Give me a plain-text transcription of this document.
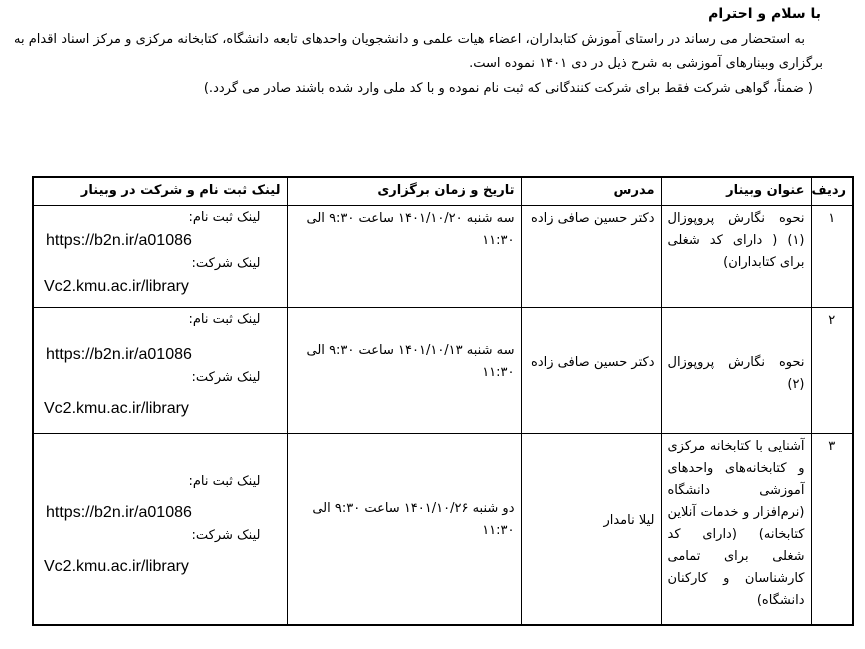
با سلام و احترام

به استحضار می رساند در راستای آموزش کتابداران، اعضاء هیات علمی و دانشجویان واحدهای تابعه دانشگاه، کتابخانه مرکزی و مرکز اسناد اقدام به برگزاری وبینارهای آموزشی به شرح ذیل در دی ۱۴۰۱ نموده است.

( ضمناً، گواهی شرکت فقط برای شرکت کنندگانی که ثبت نام نموده و با کد ملی وارد شده باشند صادر می گردد.)

ردیف	عنوان وبینار	مدرس	تاریخ و زمان برگزاری	لینک ثبت نام و شرکت در وبینار
۱	نحوه نگارش پروپوزال (۱) ( دارای کد شغلی برای کتابداران)	دکتر حسین صافی زاده	سه شنبه ۱۴۰۱/۱۰/۲۰ ساعت ۹:۳۰ الی ۱۱:۳۰	لینک ثبت نام:
https://b2n.ir/a01086
لینک شرکت:
Vc2.kmu.ac.ir/library

۲	نحوه نگارش پروپوزال (۲)	دکتر حسین صافی زاده	سه شنبه ۱۴۰۱/۱۰/۱۳ ساعت ۹:۳۰ الی ۱۱:۳۰	لینک ثبت نام:
https://b2n.ir/a01086
لینک شرکت:
Vc2.kmu.ac.ir/library

۳	آشنایی با کتابخانه مرکزی و کتابخانه‌های واحدهای آموزشی دانشگاه (نرم‌افزار و خدمات آنلاین کتابخانه) (دارای کد شغلی برای تمامی کارشناسان و کارکنان دانشگاه)	لیلا نامدار	دو شنبه ۱۴۰۱/۱۰/۲۶ ساعت ۹:۳۰ الی ۱۱:۳۰	لینک ثبت نام:
https://b2n.ir/a01086
لینک شرکت:
Vc2.kmu.ac.ir/library
